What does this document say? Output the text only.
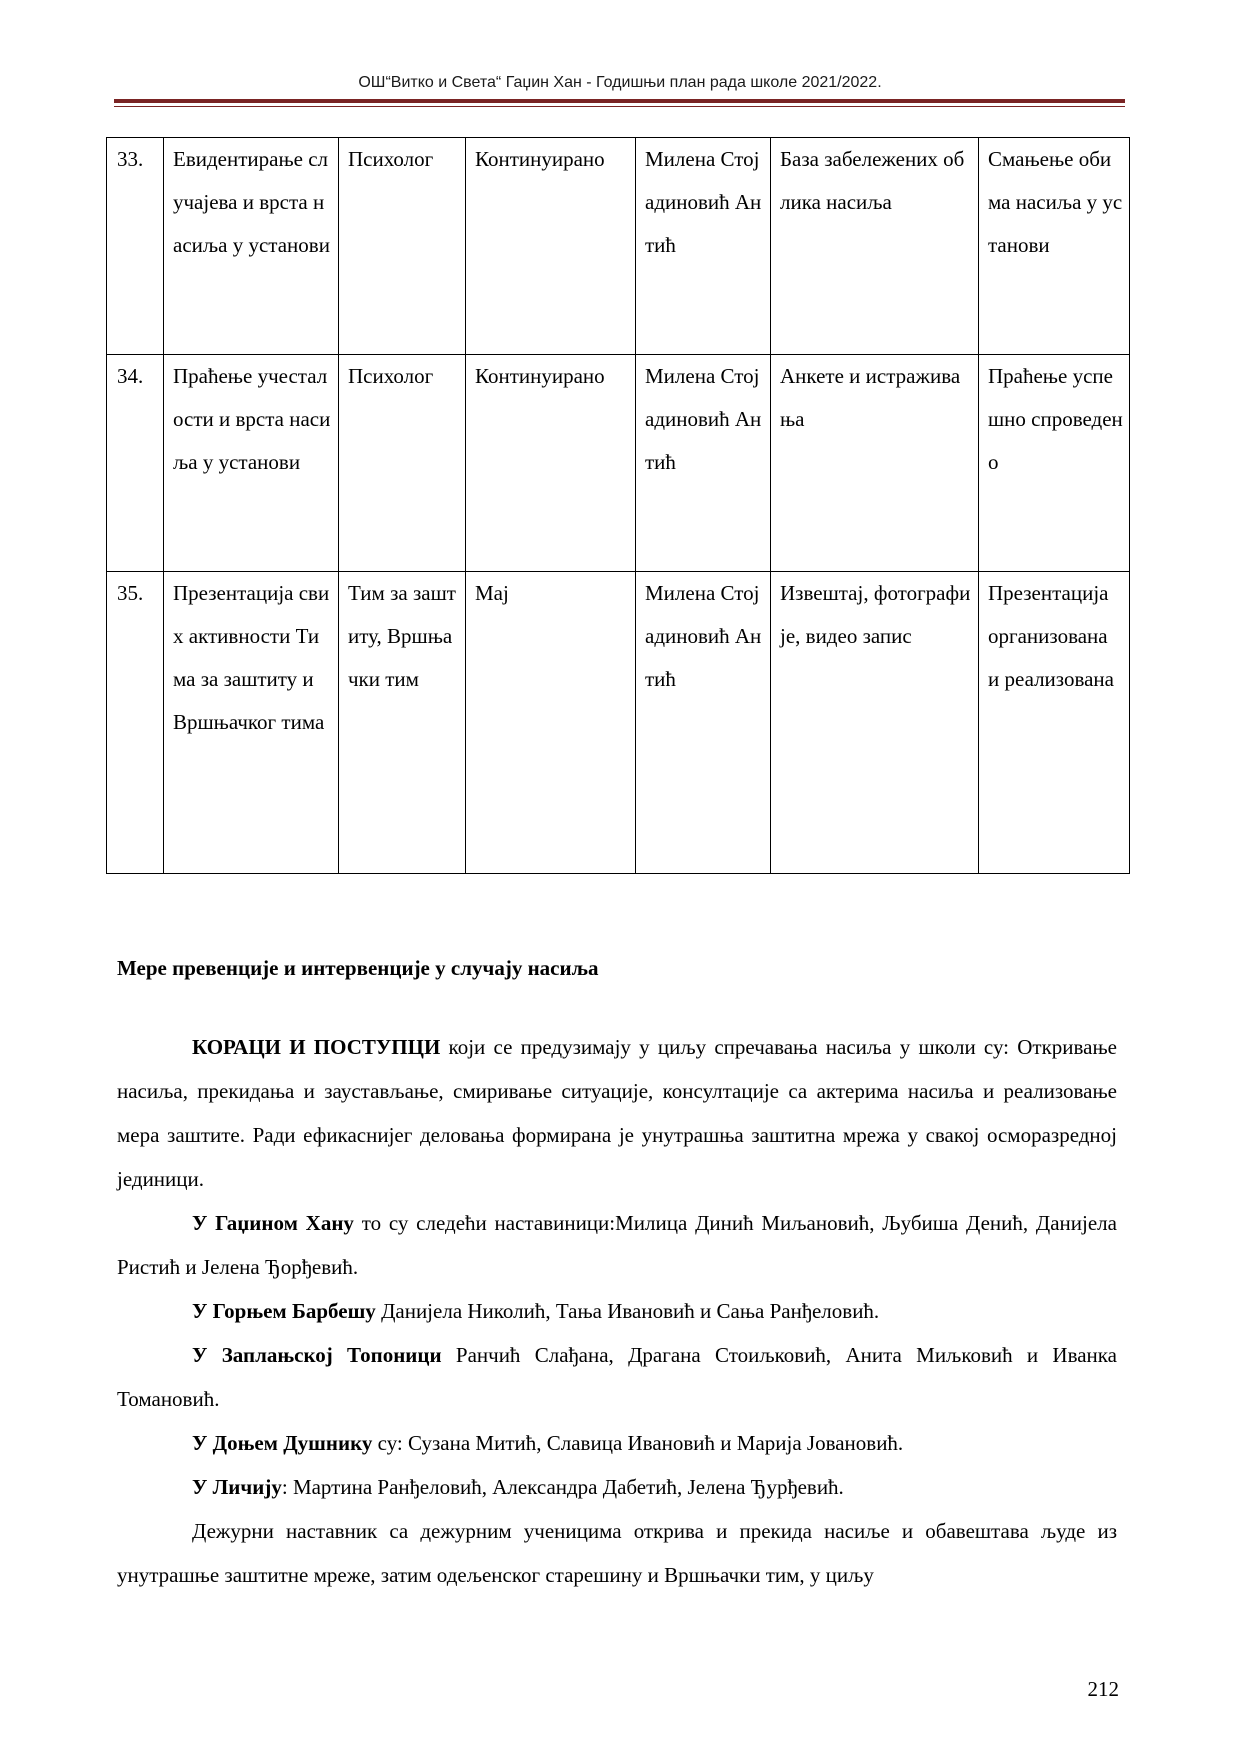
ОШ“Витко и Света“ Гаџин Хан - Годишњи план рада школе 2021/2022.
33.	Евидентирање случајева и врста насиља у установи	Психолог	Континуирано	Милена Стојадиновић Антић	База забележених облика насиља	Смањење обима насиља у установи
34.	Праћење учесталости и врста насиља у установи	Психолог	Континуирано	Милена Стојадиновић Антић	Анкете и истраживања	Праћење успешно спроведено
35.	Презентација свих активности Тима за заштиту и Вршњачког тима	Тим за заштиту, Вршњачки тим	Мај	Милена Стојадиновић Антић	Извештај, фотографије, видео запис	Презентација организована и реализована
Мере превенције и интервенције у случају насиља

КОРАЦИ И ПОСТУПЦИ који се предузимају у циљу спречавања насиља у школи су: Откривање насиља, прекидања и заустављање, смиривање ситуације, консултације са актерима насиља и реализовање мера заштите. Ради ефикаснијег деловања формирана је унутрашња заштитна мрежа у свакој осморазредној јединици.

У Гаџином Хану то су следећи наставиници:Милица Динић Миљановић, Љубиша Денић, Данијела Ристић и Јелена Ђорђевић.

У Горњем Барбешу Данијела Николић, Тања Ивановић и Сања Ранђеловић.

У Заплањској Топоници Ранчић Слађана, Драгана Стоиљковић, Анита Миљковић и Иванка Томановић.

У Доњем Душнику су: Сузана Митић, Славица Ивановић и Марија Јовановић.

У Личију: Мартина Ранђеловић, Александра Дабетић, Јелена Ђурђевић.

Дежурни наставник са дежурним ученицима открива и прекида насиље и обавештава људе из унутрашње заштитне мреже, затим одељенског старешину и Вршњачки тим, у циљу

212
